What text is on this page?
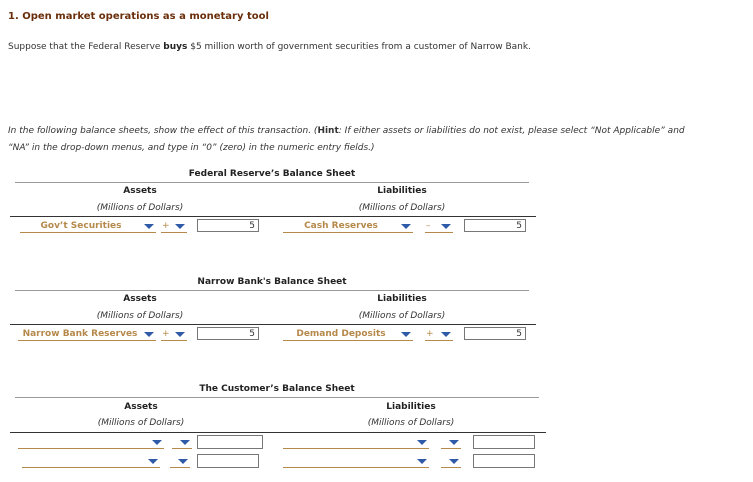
1. Open market operations as a monetary tool
Suppose that the Federal Reserve buys $5 million worth of government securities from a customer of Narrow Bank.
In the following balance sheets, show the effect of this transaction. (Hint: If either assets or liabilities do not exist, please select “Not Applicable” and “NA” in the drop-down menus, and type in “0” (zero) in the numeric entry fields.)
Federal Reserve’s Balance Sheet
Assets	Liabilities
(Millions of Dollars)	(Millions of Dollars)
Gov’t Securities	+	5	Cash Reserves	–	5
Narrow Bank's Balance Sheet
Assets	Liabilities
(Millions of Dollars)	(Millions of Dollars)
Narrow Bank Reserves	+	5	Demand Deposits	+	5
The Customer’s Balance Sheet
Assets	Liabilities
(Millions of Dollars)	(Millions of Dollars)
